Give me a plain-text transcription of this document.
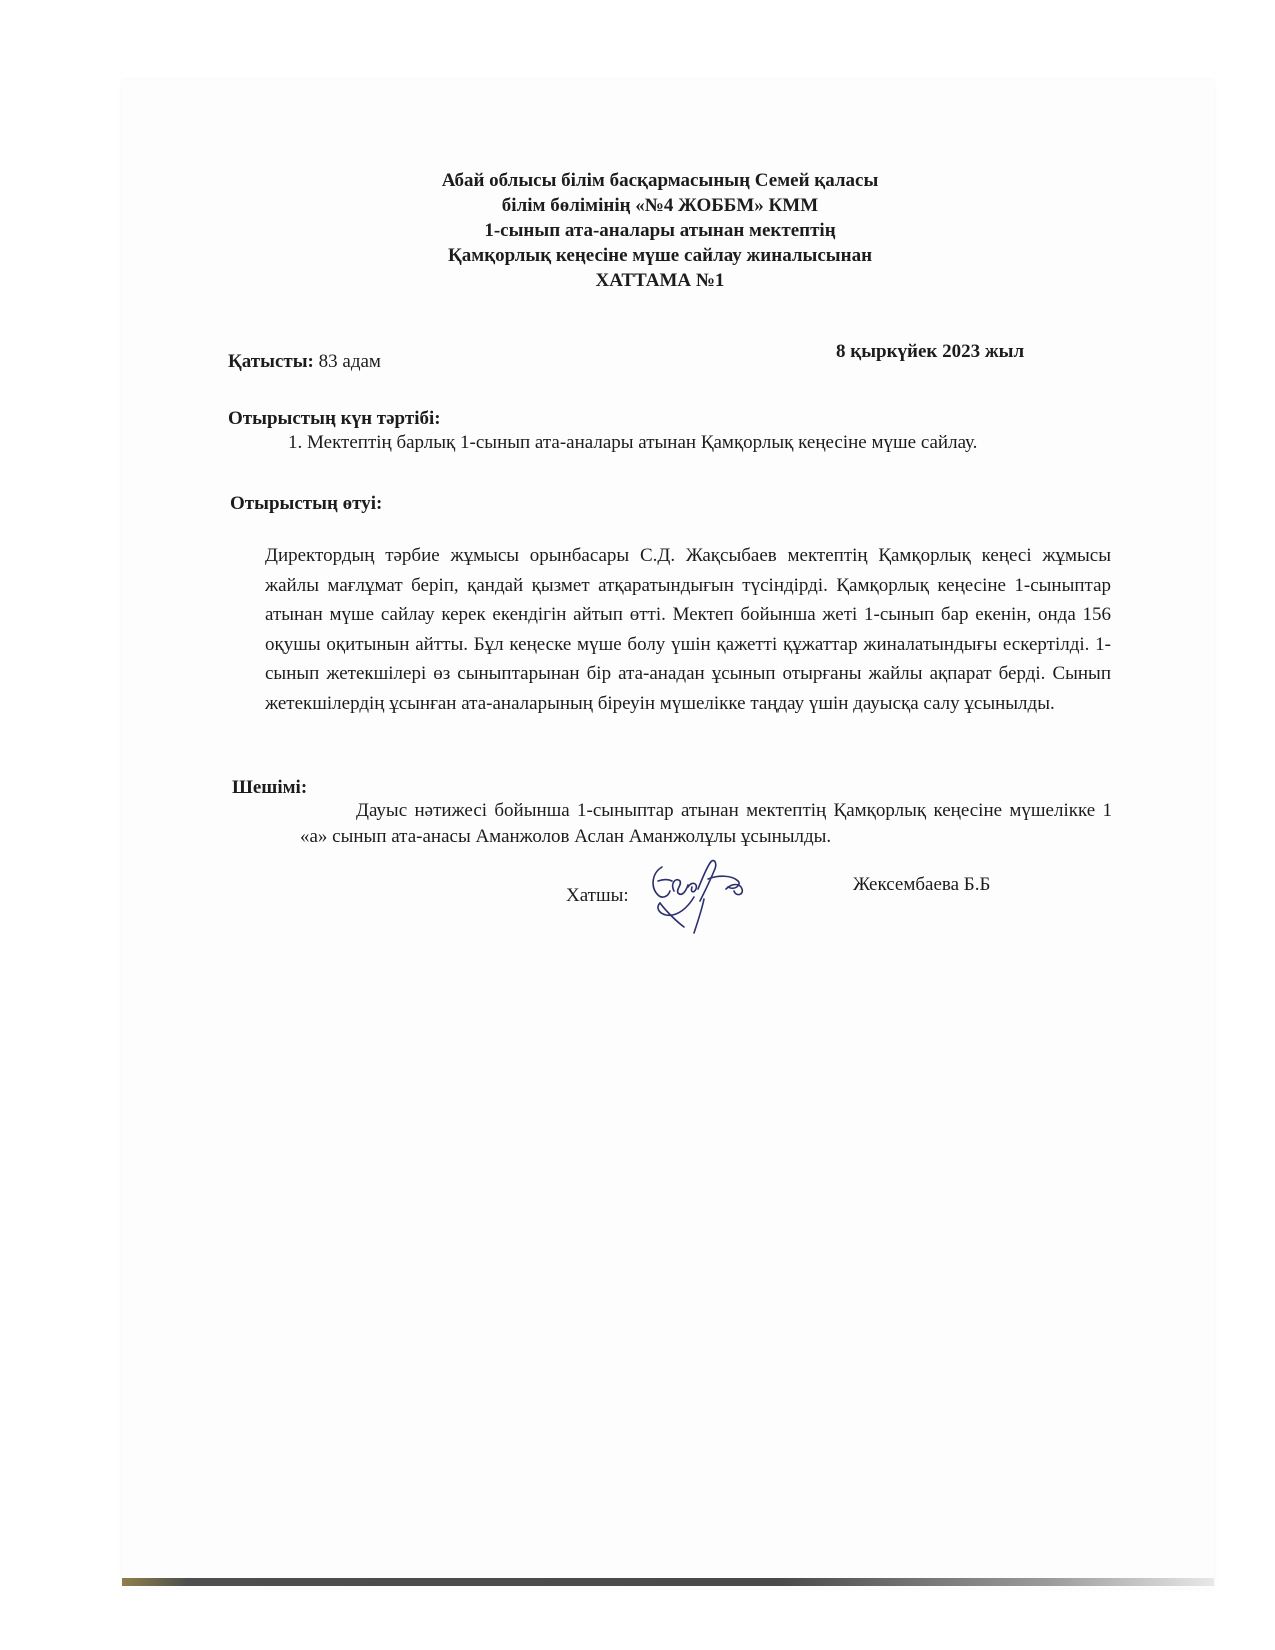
Абай облысы білім басқармасының Семей қаласы
білім бөлімінің «№4 ЖОББМ» КММ
1-сынып ата-аналары атынан мектептің
Қамқорлық кеңесіне мүше сайлау жиналысынан
ХАТТАМА №1
Қатысты: 83 адам	8 қыркүйек 2023 жыл
Отырыстың күн тәртібі:
1. Мектептің барлық 1-сынып ата-аналары атынан Қамқорлық кеңесіне мүше сайлау.
Отырыстың өтуі:
Директордың тәрбие жұмысы орынбасары С.Д. Жақсыбаев мектептің Қамқорлық кеңесі жұмысы жайлы мағлұмат беріп, қандай қызмет атқаратындығын түсіндірді. Қамқорлық кеңесіне 1-сыныптар атынан мүше сайлау керек екендігін айтып өтті. Мектеп бойынша жеті 1-сынып бар екенін, онда 156 оқушы оқитынын айтты. Бұл кеңеске мүше болу үшін қажетті құжаттар жиналатындығы ескертілді. 1-сынып жетекшілері өз сыныптарынан бір ата-анадан ұсынып отырғаны жайлы ақпарат берді. Сынып жетекшілердің ұсынған ата-аналарының біреуін мүшелікке таңдау үшін дауысқа салу ұсынылды.
Шешімі:
Дауыс нәтижесі бойынша 1-сыныптар атынан мектептің Қамқорлық кеңесіне мүшелікке 1 «а» сынып ата-анасы Аманжолов Аслан Аманжолұлы ұсынылды.
Хатшы:
Жексембаева Б.Б
